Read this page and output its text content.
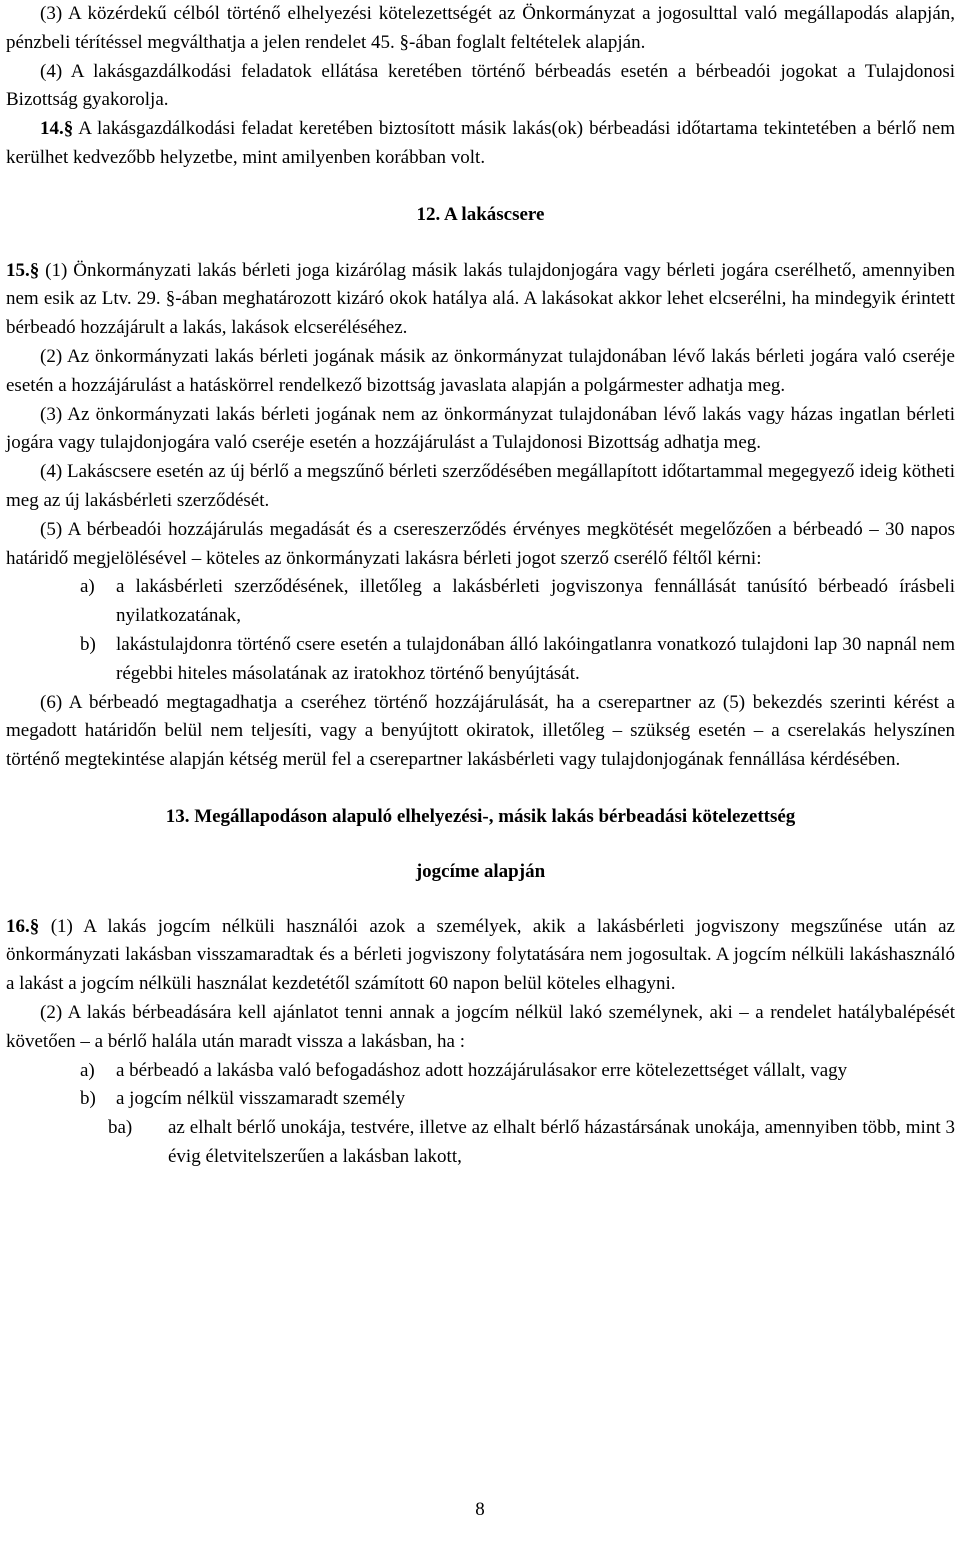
(3) A közérdekű célból történő elhelyezési kötelezettségét az Önkormányzat a jogosulttal való megállapodás alapján, pénzbeli térítéssel megválthatja a jelen rendelet 45. §-ában foglalt feltételek alapján.

(4) A lakásgazdálkodási feladatok ellátása keretében történő bérbeadás esetén a bérbeadói jogokat a Tulajdonosi Bizottság gyakorolja.

14.§ A lakásgazdálkodási feladat keretében biztosított másik lakás(ok) bérbeadási időtartama tekintetében a bérlő nem kerülhet kedvezőbb helyzetbe, mint amilyenben korábban volt.

12. A lakáscsere

15.§ (1) Önkormányzati lakás bérleti joga kizárólag másik lakás tulajdonjogára vagy bérleti jogára cserélhető, amennyiben nem esik az Ltv. 29. §-ában meghatározott kizáró okok hatálya alá. A lakásokat akkor lehet elcserélni, ha mindegyik érintett bérbeadó hozzájárult a lakás, lakások elcseréléséhez.

(2) Az önkormányzati lakás bérleti jogának másik az önkormányzat tulajdonában lévő lakás bérleti jogára való cseréje esetén a hozzájárulást a hatáskörrel rendelkező bizottság javaslata alapján a polgármester adhatja meg.

(3) Az önkormányzati lakás bérleti jogának nem az önkormányzat tulajdonában lévő lakás vagy házas ingatlan bérleti jogára vagy tulajdonjogára való cseréje esetén a hozzájárulást a Tulajdonosi Bizottság adhatja meg.

(4) Lakáscsere esetén az új bérlő a megszűnő bérleti szerződésében megállapított időtartammal megegyező ideig kötheti meg az új lakásbérleti szerződését.

(5) A bérbeadói hozzájárulás megadását és a csereszerződés érvényes megkötését megelőzően a bérbeadó – 30 napos határidő megjelölésével – köteles az önkormányzati lakásra bérleti jogot szerző cserélő féltől kérni:

a)	a lakásbérleti szerződésének, illetőleg a lakásbérleti jogviszonya fennállását tanúsító bérbeadó írásbeli nyilatkozatának,
b)	lakástulajdonra történő csere esetén a tulajdonában álló lakóingatlanra vonatkozó tulajdoni lap 30 napnál nem régebbi hiteles másolatának az iratokhoz történő benyújtását.

(6) A bérbeadó megtagadhatja a cseréhez történő hozzájárulását, ha a cserepartner az (5) bekezdés szerinti kérést a megadott határidőn belül nem teljesíti, vagy a benyújtott okiratok, illetőleg – szükség esetén – a cserelakás helyszínen történő megtekintése alapján kétség merül fel a cserepartner lakásbérleti vagy tulajdonjogának fennállása kérdésében.

13. Megállapodáson alapuló elhelyezési-, másik lakás bérbeadási kötelezettség

jogcíme alapján

16.§ (1) A lakás jogcím nélküli használói azok a személyek, akik a lakásbérleti jogviszony megszűnése után az önkormányzati lakásban visszamaradtak és a bérleti jogviszony folytatására nem jogosultak. A jogcím nélküli lakáshasználó a lakást a jogcím nélküli használat kezdetétől számított 60 napon belül köteles elhagyni.

(2) A lakás bérbeadására kell ajánlatot tenni annak a jogcím nélkül lakó személynek, aki – a rendelet hatálybalépését követően – a bérlő halála után maradt vissza a lakásban, ha :

a)	a bérbeadó a lakásba való befogadáshoz adott hozzájárulásakor erre kötelezettséget vállalt, vagy
b)	a jogcím nélkül visszamaradt személy
ba)	az elhalt bérlő unokája, testvére, illetve az elhalt bérlő házastársának unokája, amennyiben több, mint 3 évig életvitelszerűen a lakásban lakott,
8
